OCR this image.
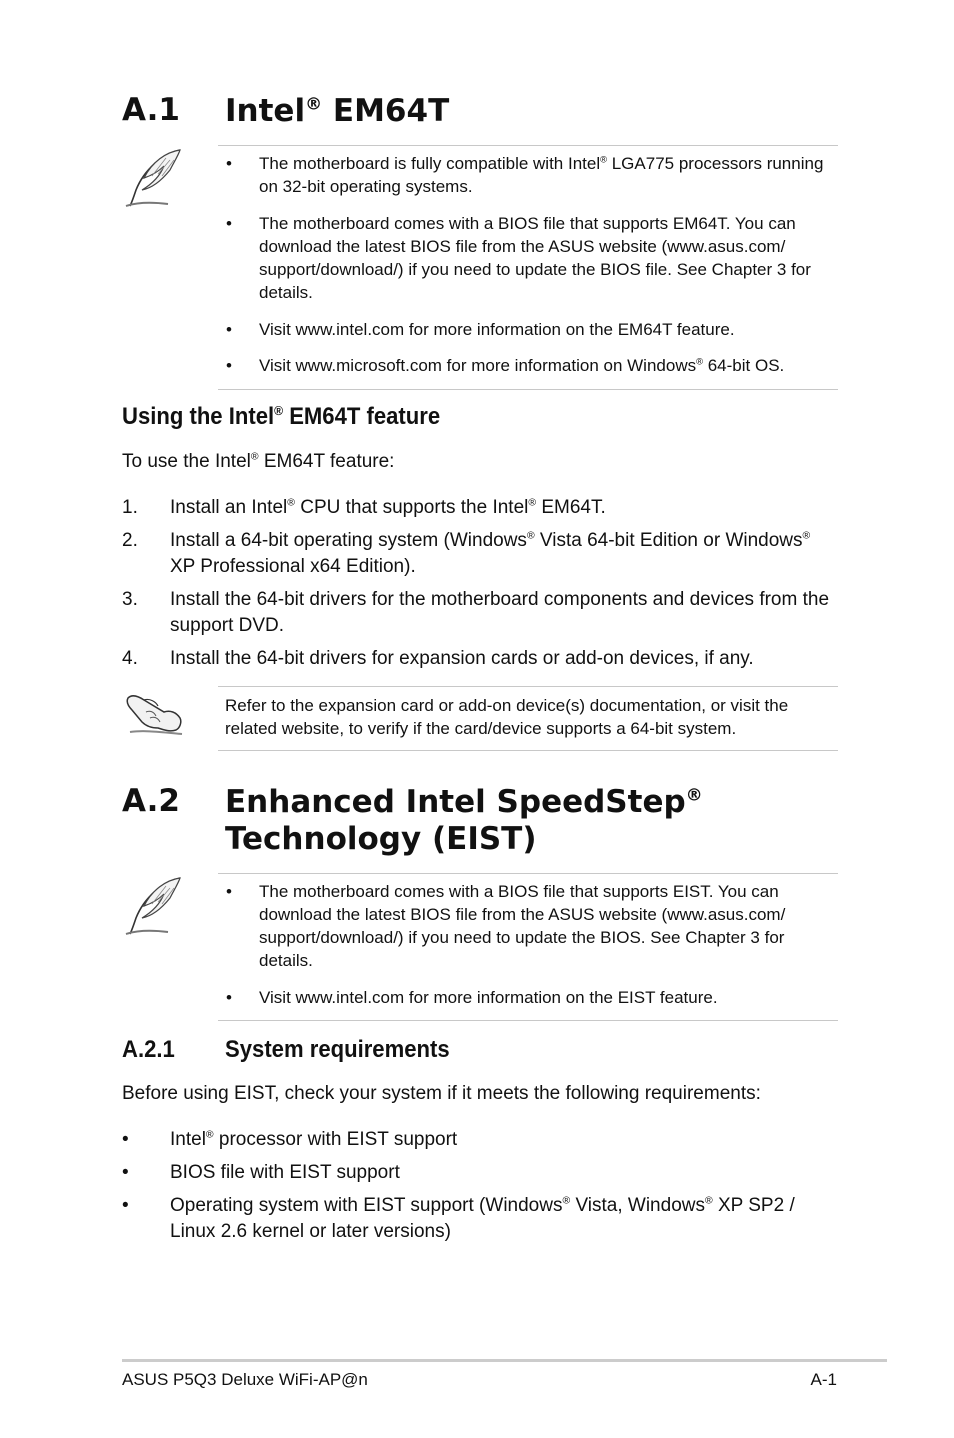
A.1 Intel® EM64T
• The motherboard is fully compatible with Intel® LGA775 processors running on 32-bit operating systems.
• The motherboard comes with a BIOS file that supports EM64T. You can download the latest BIOS file from the ASUS website (www.asus.com/ support/download/) if you need to update the BIOS file. See Chapter 3 for details.
• Visit www.intel.com for more information on the EM64T feature.
• Visit www.microsoft.com for more information on Windows® 64-bit OS.
Using the Intel® EM64T feature
To use the Intel® EM64T feature:
1. Install an Intel® CPU that supports the Intel® EM64T.
2. Install a 64-bit operating system (Windows® Vista 64-bit Edition or Windows® XP Professional x64 Edition).
3. Install the 64-bit drivers for the motherboard components and devices from the support DVD.
4. Install the 64-bit drivers for expansion cards or add-on devices, if any.
Refer to the expansion card or add-on device(s) documentation, or visit the related website, to verify if the card/device supports a 64-bit system.
A.2 Enhanced Intel SpeedStep®
Technology (EIST)
• The motherboard comes with a BIOS file that supports EIST. You can download the latest BIOS file from the ASUS website (www.asus.com/ support/download/) if you need to update the BIOS. See Chapter 3 for details.
• Visit www.intel.com for more information on the EIST feature.
A.2.1 System requirements
Before using EIST, check your system if it meets the following requirements:
• Intel® processor with EIST support
• BIOS file with EIST support
• Operating system with EIST support (Windows® Vista, Windows® XP SP2 / Linux 2.6 kernel or later versions)
ASUS P5Q3 Deluxe WiFi-AP@n	A-1
